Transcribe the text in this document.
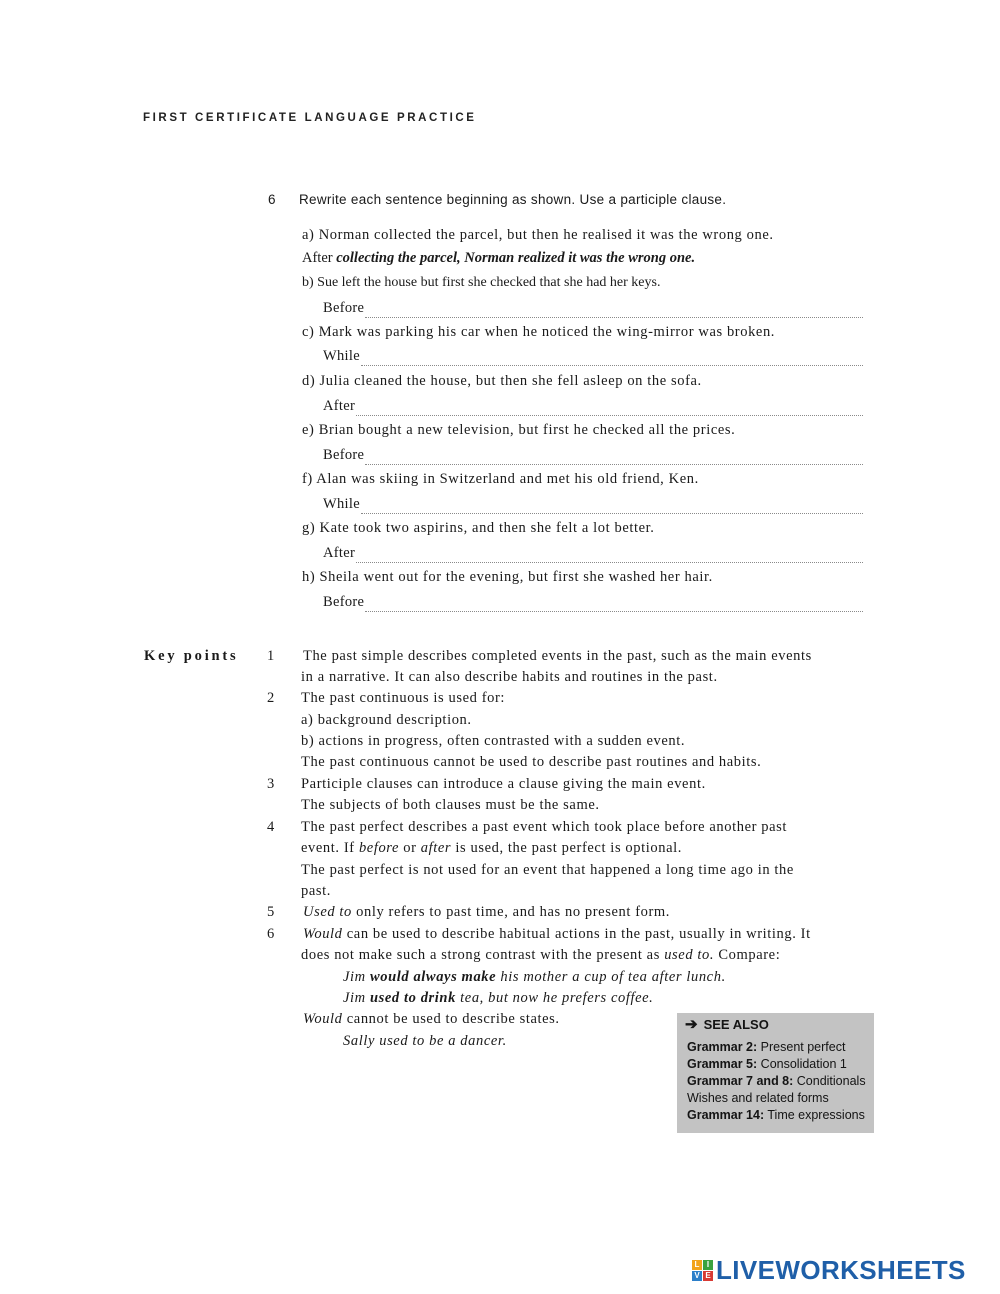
FIRST CERTIFICATE LANGUAGE PRACTICE
6 Rewrite each sentence beginning as shown. Use a participle clause.
a) Norman collected the parcel, but then he realised it was the wrong one.
After collecting the parcel, Norman realized it was the wrong one.
b) Sue left the house but first she checked that she had her keys.
Before
c) Mark was parking his car when he noticed the wing-mirror was broken.
While
d) Julia cleaned the house, but then she fell asleep on the sofa.
After
e) Brian bought a new television, but first he checked all the prices.
Before
f) Alan was skiing in Switzerland and met his old friend, Ken.
While
g) Kate took two aspirins, and then she felt a lot better.
After
h) Sheila went out for the evening, but first she washed her hair.
Before
Key points 1 The past simple describes completed events in the past, such as the main events
in a narrative. It can also describe habits and routines in the past.
2 The past continuous is used for:
a) background description.
b) actions in progress, often contrasted with a sudden event.
The past continuous cannot be used to describe past routines and habits.
3 Participle clauses can introduce a clause giving the main event.
The subjects of both clauses must be the same.
4 The past perfect describes a past event which took place before another past
event. If before or after is used, the past perfect is optional.
The past perfect is not used for an event that happened a long time ago in the
past.
5 Used to only refers to past time, and has no present form.
6 Would can be used to describe habitual actions in the past, usually in writing. It
does not make such a strong contrast with the present as used to. Compare:
Jim would always make his mother a cup of tea after lunch.
Jim used to drink tea, but now he prefers coffee.
Would cannot be used to describe states.
Sally used to be a dancer.
➔ SEE ALSO
Grammar 2: Present perfect
Grammar 5: Consolidation 1
Grammar 7 and 8: Conditionals
Wishes and related forms
Grammar 14: Time expressions
L I
V E LIVEWORKSHEETS
